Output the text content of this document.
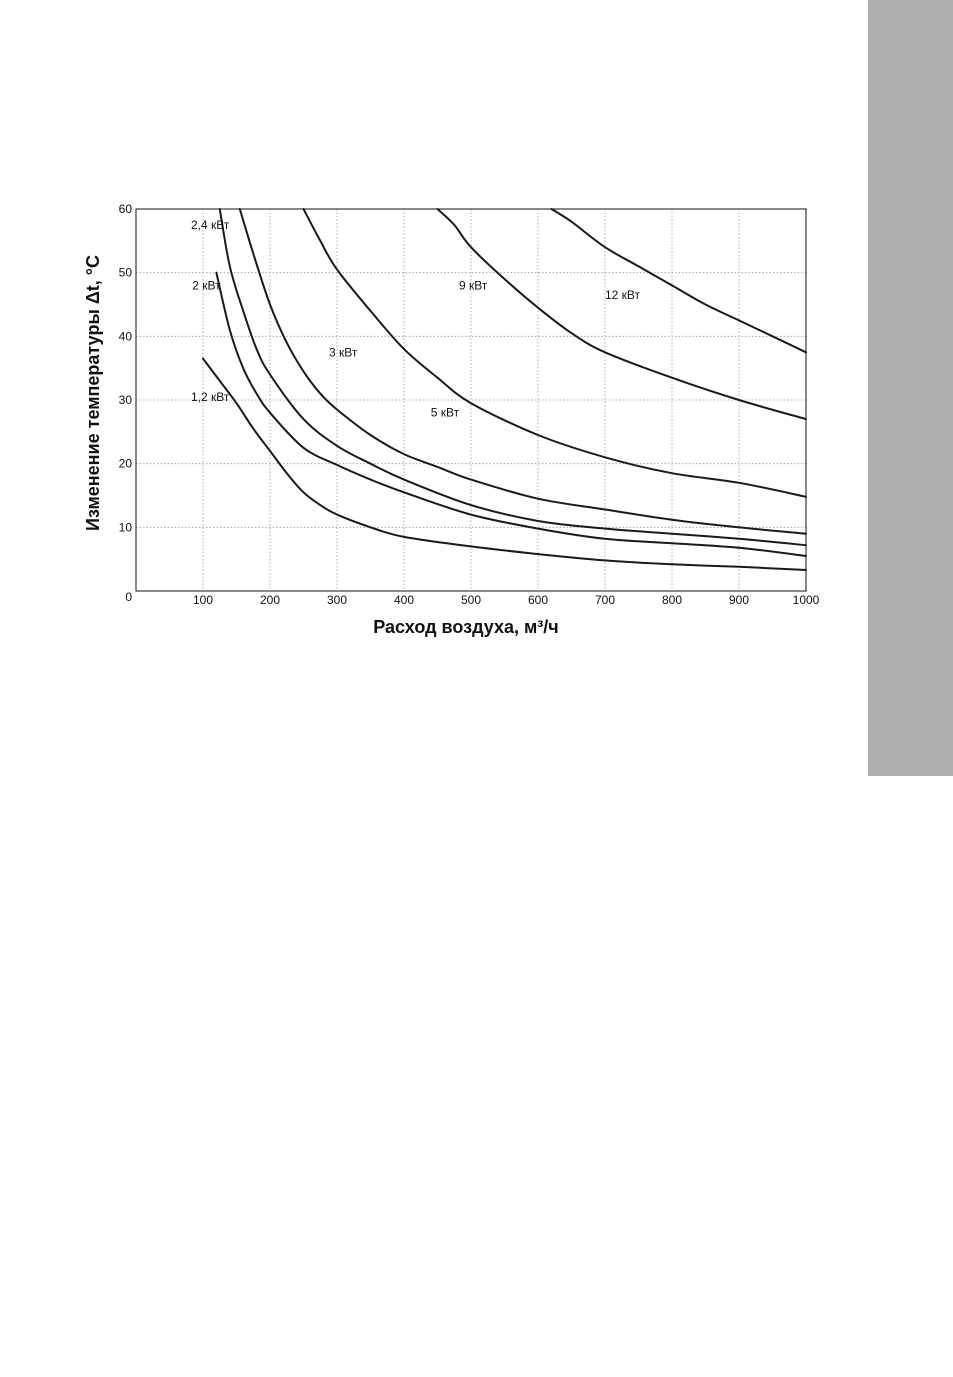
100	200	300	400	500	600	700	800	900	1000
10
20
30
40
50
60
0
2,4 кВт
2 кВт
3 кВт
1,2 кВт
5 кВт
9 кВт
12 кВт
Расход воздуха, м³/ч
Изменение температуры Δt, °C
